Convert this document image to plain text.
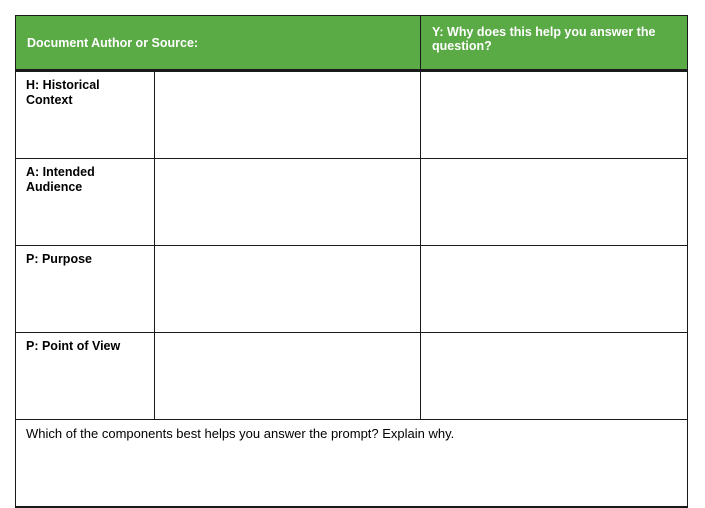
Document Author or Source:		Y: Why does this help you answer the question?
H: Historical Context	

A: Intended Audience	

P: Purpose	

P: Point of View	

Which of the components best helps you answer the prompt? Explain why.		
